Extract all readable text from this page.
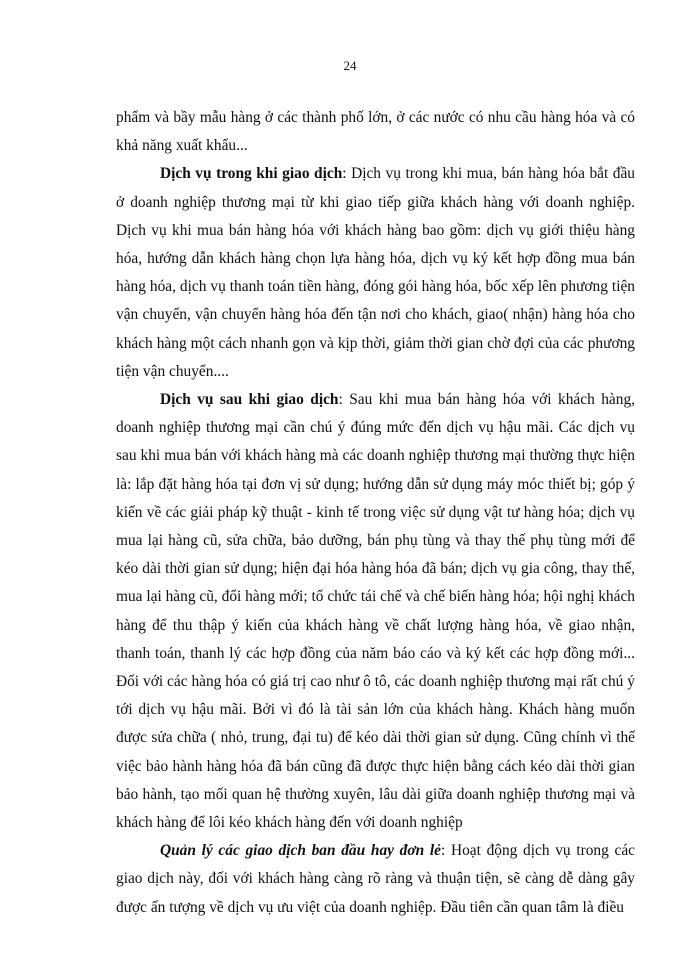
24

phẩm và bầy mẫu hàng ở các thành phố lớn, ở các nước có nhu cầu hàng hóa và có khả năng xuất khẩu...

Dịch vụ trong khi giao dịch: Dịch vụ trong khi mua, bán hàng hóa bắt đầu ở doanh nghiệp thương mại từ khi giao tiếp giữa khách hàng với doanh nghiệp. Dịch vụ khi mua bán hàng hóa với khách hàng bao gồm: dịch vụ giới thiệu hàng hóa, hướng dẫn khách hàng chọn lựa hàng hóa, dịch vụ ký kết hợp đồng mua bán hàng hóa, dịch vụ thanh toán tiền hàng, đóng gói hàng hóa, bốc xếp lên phương tiện vận chuyển, vận chuyển hàng hóa đến tận nơi cho khách, giao( nhận) hàng hóa cho khách hàng một cách nhanh gọn và kịp thời, giảm thời gian chờ đợi của các phương tiện vận chuyển....

Dịch vụ sau khi giao dịch: Sau khi mua bán hàng hóa với khách hàng, doanh nghiệp thương mại cần chú ý đúng mức đến dịch vụ hậu mãi. Các dịch vụ sau khi mua bán với khách hàng mà các doanh nghiệp thương mại thường thực hiện là: lắp đặt hàng hóa tại đơn vị sử dụng; hướng dẫn sử dụng máy móc thiết bị; góp ý kiến về các giải pháp kỹ thuật - kinh tế trong việc sử dụng vật tư hàng hóa; dịch vụ mua lại hàng cũ, sửa chữa, bảo dưỡng, bán phụ tùng và thay thế phụ tùng mới để kéo dài thời gian sử dụng; hiện đại hóa hàng hóa đã bán; dịch vụ gia công, thay thế, mua lại hàng cũ, đổi hàng mới; tổ chức tái chế và chế biến hàng hóa; hội nghị khách hàng để thu thập ý kiến của khách hàng về chất lượng hàng hóa, về giao nhận, thanh toán, thanh lý các hợp đồng của năm báo cáo và ký kết các hợp đồng mới... Đối với các hàng hóa có giá trị cao như ô tô, các doanh nghiệp thương mại rất chú ý tới dịch vụ hậu mãi. Bởi vì đó là tài sản lớn của khách hàng. Khách hàng muốn được sửa chữa ( nhỏ, trung, đại tu) để kéo dài thời gian sử dụng. Cũng chính vì thế việc bảo hành hàng hóa đã bán cũng đã được thực hiện bằng cách kéo dài thời gian bảo hành, tạo mối quan hệ thường xuyên, lâu dài giữa doanh nghiệp thương mại và khách hàng để lôi kéo khách hàng đến với doanh nghiệp

Quản lý các giao dịch ban đầu hay đơn lẻ: Hoạt động dịch vụ trong các giao dịch này, đối với khách hàng càng rõ ràng và thuận tiện, sẽ càng dễ dàng gây được ấn tượng về dịch vụ ưu việt của doanh nghiệp. Đầu tiên cần quan tâm là điều
